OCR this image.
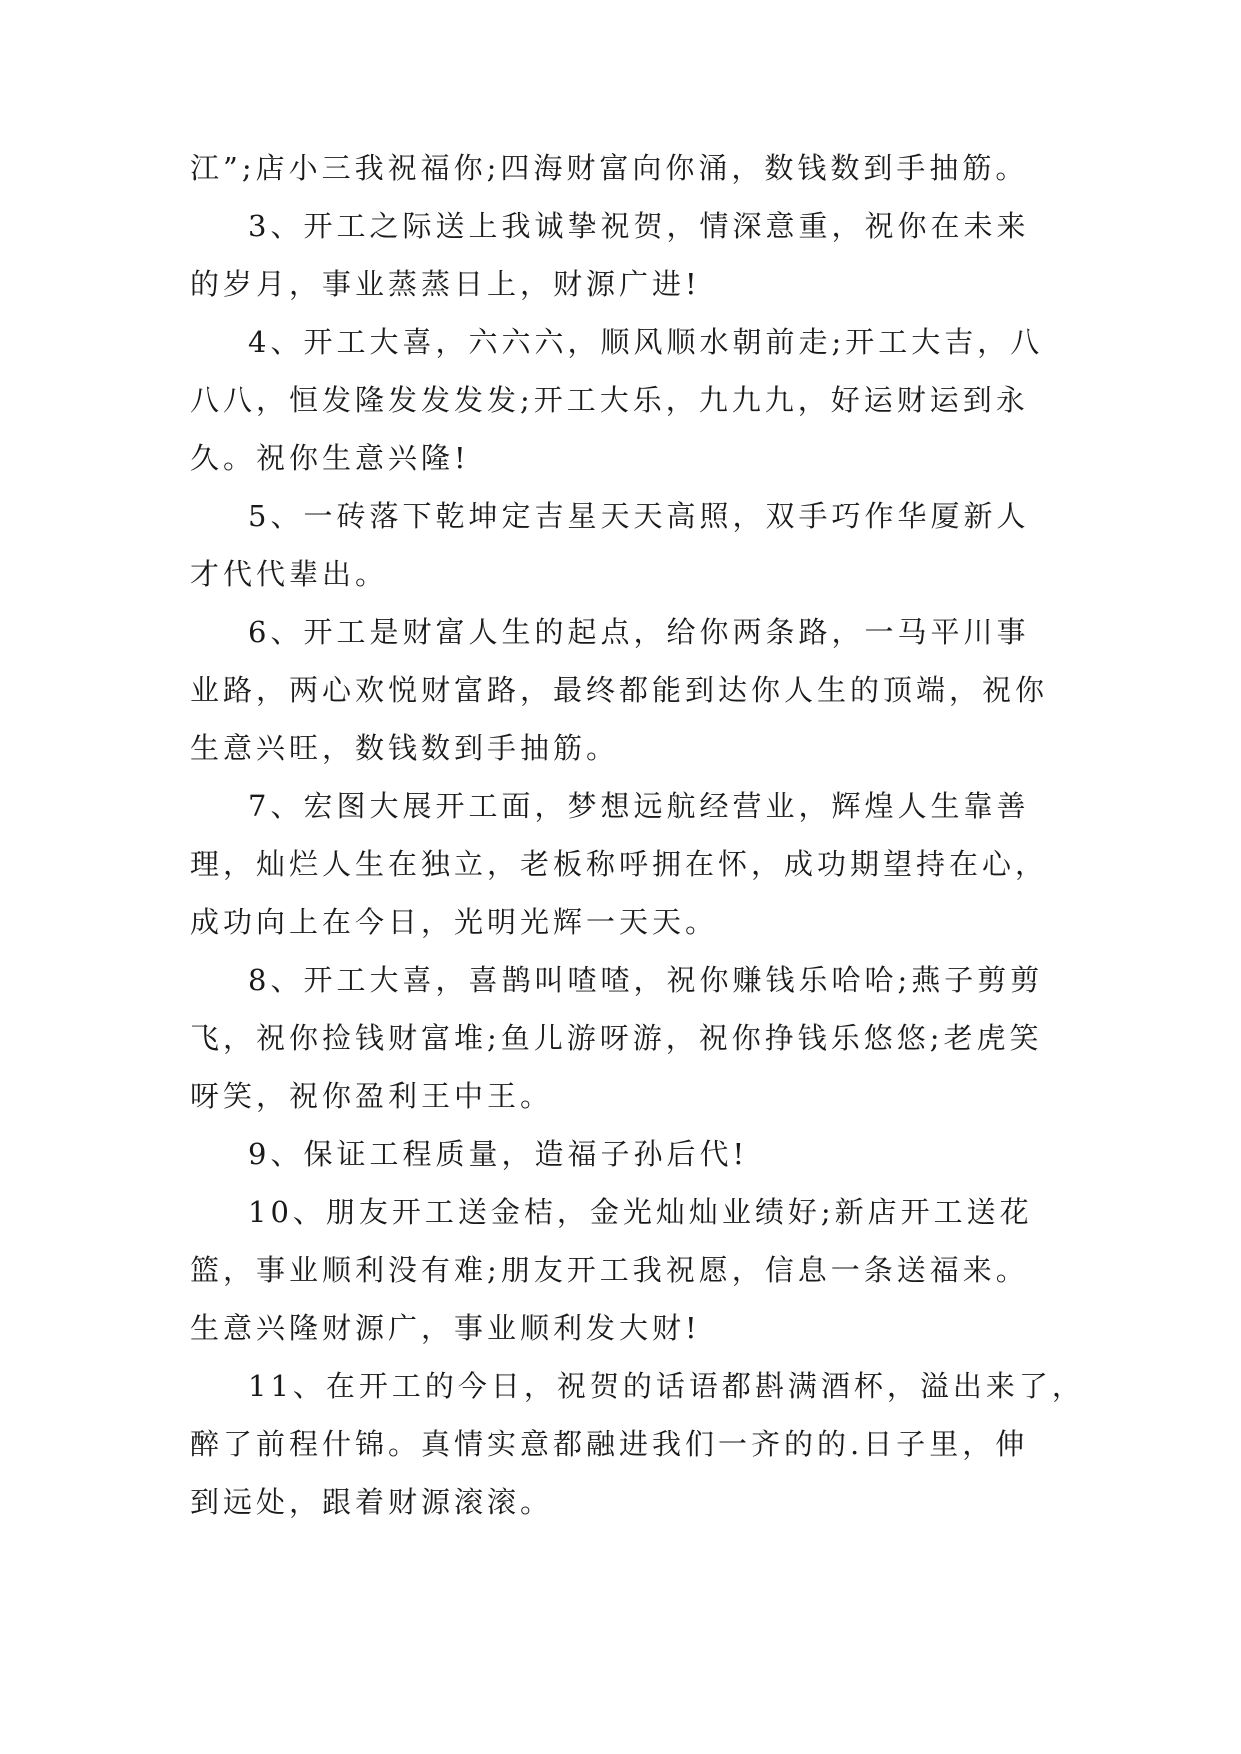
江”;店小三我祝福你;四海财富向你涌，数钱数到手抽筋。
3、开工之际送上我诚挚祝贺，情深意重，祝你在未来
的岁月，事业蒸蒸日上，财源广进!
4、开工大喜，六六六，顺风顺水朝前走;开工大吉，八
八八，恒发隆发发发发;开工大乐，九九九，好运财运到永
久。祝你生意兴隆!
5、一砖落下乾坤定吉星天天高照，双手巧作华厦新人
才代代辈出。
6、开工是财富人生的起点，给你两条路，一马平川事
业路，两心欢悦财富路，最终都能到达你人生的顶端，祝你
生意兴旺，数钱数到手抽筋。
7、宏图大展开工面，梦想远航经营业，辉煌人生靠善
理，灿烂人生在独立，老板称呼拥在怀，成功期望持在心，
成功向上在今日，光明光辉一天天。
8、开工大喜，喜鹊叫喳喳，祝你赚钱乐哈哈;燕子剪剪
飞，祝你捡钱财富堆;鱼儿游呀游，祝你挣钱乐悠悠;老虎笑
呀笑，祝你盈利王中王。
9、保证工程质量，造福子孙后代!
10、朋友开工送金桔，金光灿灿业绩好;新店开工送花
篮，事业顺利没有难;朋友开工我祝愿，信息一条送福来。
生意兴隆财源广，事业顺利发大财!
11、在开工的今日，祝贺的话语都斟满酒杯，溢出来了，
醉了前程什锦。真情实意都融进我们一齐的的.日子里，伸
到远处，跟着财源滚滚。
